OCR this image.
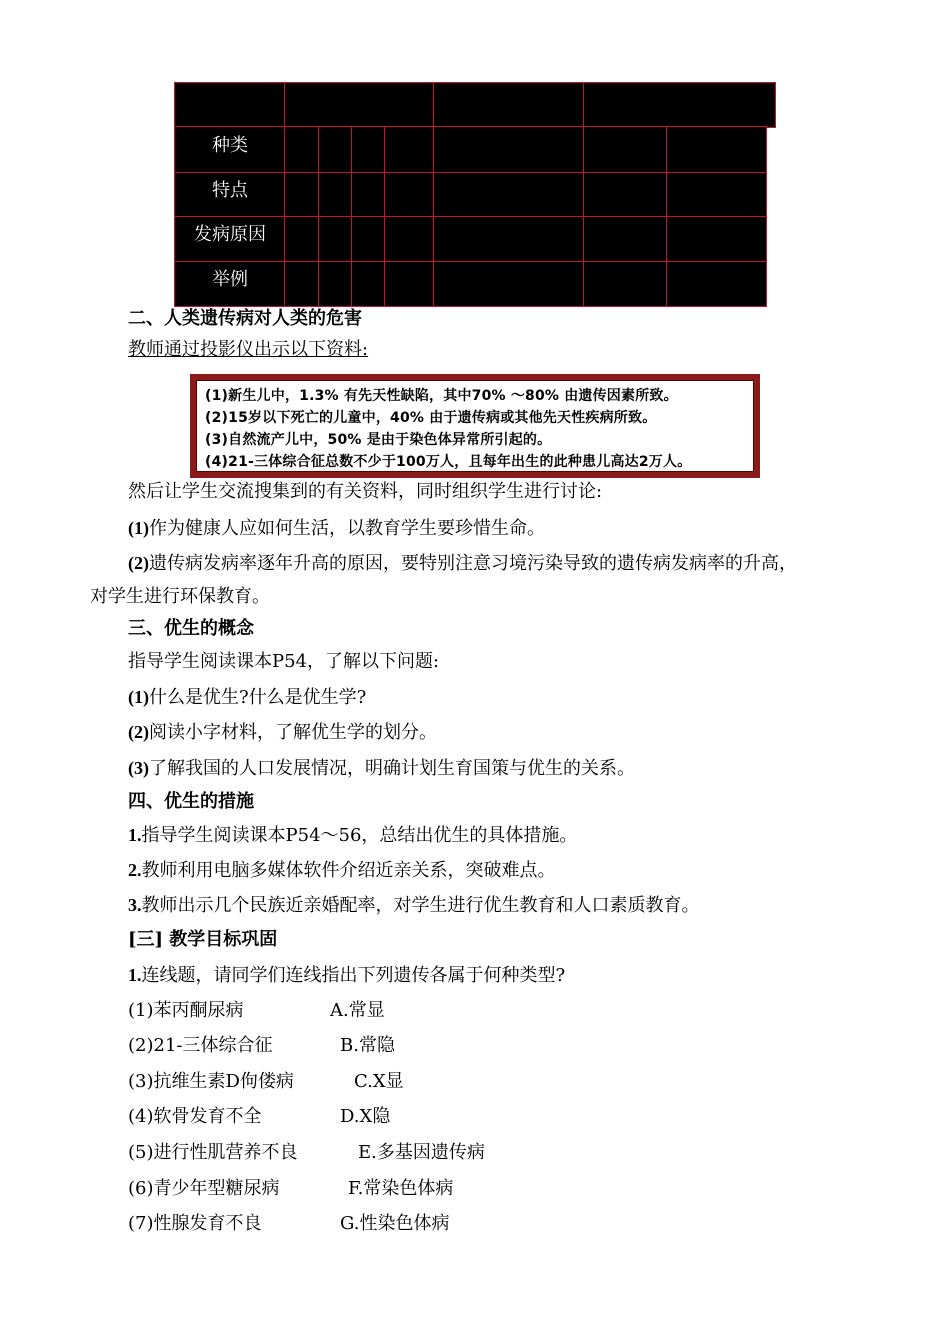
种类
特点
发病原因
举例
二、人类遗传病对人类的危害
教师通过投影仪出示以下资料:
(1)新生儿中，1.3% 有先天性缺陷，其中70% ～80% 由遗传因素所致。
(2)15岁以下死亡的儿童中，40% 由于遗传病或其他先天性疾病所致。
(3)自然流产儿中，50% 是由于染色体异常所引起的。
(4)21-三体综合征总数不少于100万人，且每年出生的此种患儿高达2万人。
然后让学生交流搜集到的有关资料，同时组织学生进行讨论:
(1)作为健康人应如何生活，以教育学生要珍惜生命。
(2)遗传病发病率逐年升高的原因，要特别注意习境污染导致的遗传病发病率的升高，
对学生进行环保教育。
三、优生的概念
指导学生阅读课本P54，了解以下问题:
(1)什么是优生?什么是优生学?
(2)阅读小字材料，了解优生学的划分。
(3)了解我国的人口发展情况，明确计划生育国策与优生的关系。
四、优生的措施
1.指导学生阅读课本P54～56，总结出优生的具体措施。
2.教师利用电脑多媒体软件介绍近亲关系，突破难点。
3.教师出示几个民族近亲婚配率，对学生进行优生教育和人口素质教育。
[三] 教学目标巩固
1.连线题，请同学们连线指出下列遗传各属于何种类型?
(1)苯丙酮尿病	A.常显
(2)21-三体综合征	B.常隐
(3)抗维生素D佝偻病	C.X显
(4)软骨发育不全	D.X隐
(5)进行性肌营养不良	E.多基因遗传病
(6)青少年型糖尿病	F.常染色体病
(7)性腺发育不良	G.性染色体病
